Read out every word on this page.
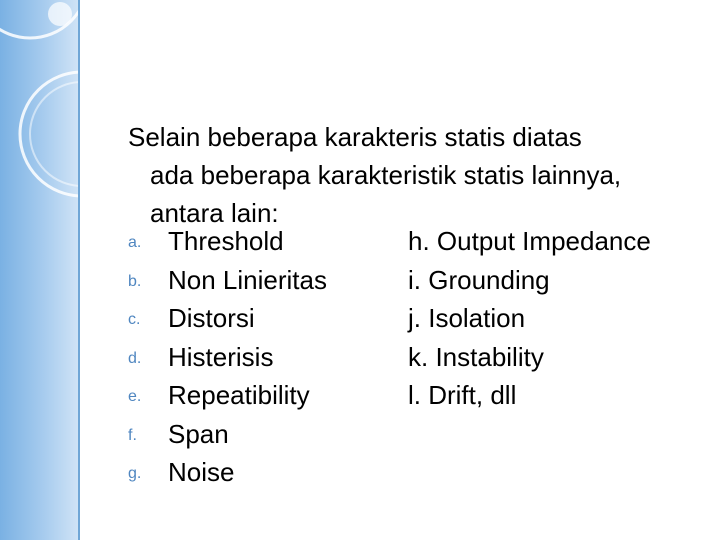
Selain beberapa karakteris statis diatas
ada beberapa karakteristik statis lainnya,
antara lain:
a. Threshold	h. Output Impedance
b. Non Linieritas	i. Grounding
c. Distorsi	j. Isolation
d. Histerisis	k. Instability
e. Repeatibility	l. Drift, dll
f. Span
g. Noise
